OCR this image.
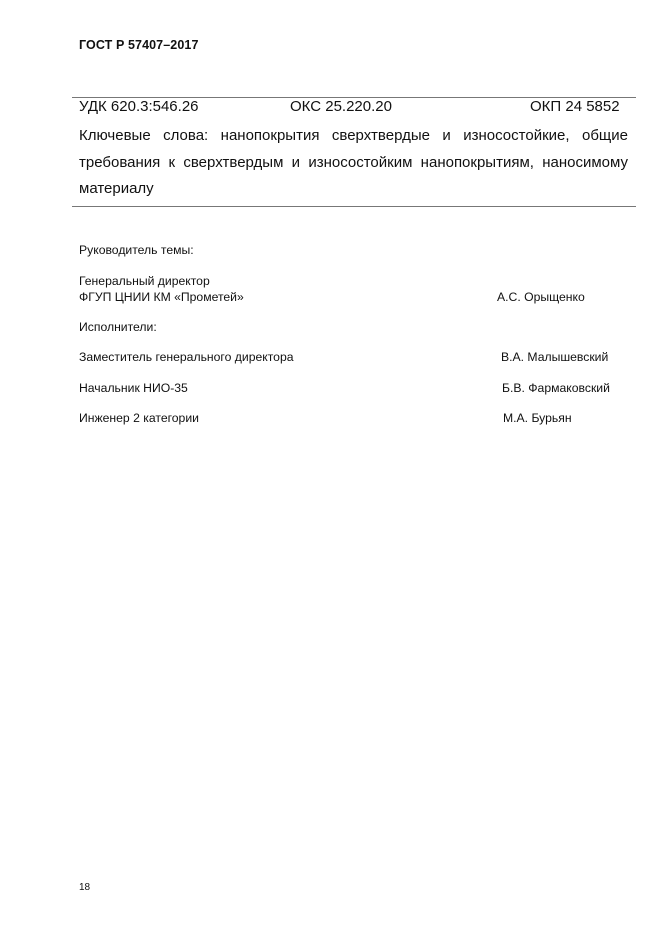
ГОСТ Р 57407–2017
УДК 620.3:546.26	ОКС 25.220.20	ОКП 24 5852
Ключевые слова: нанопокрытия сверхтвердые и износостойкие, общие
требования к сверхтвердым и износостойким нанопокрытиям, наносимому
материалу
Руководитель темы:
Генеральный директор
ФГУП ЦНИИ КМ «Прометей»	А.С. Орыщенко
Исполнители:
Заместитель генерального директора	В.А. Малышевский
Начальник НИО-35	Б.В. Фармаковский
Инженер 2 категории	М.А. Бурьян
18
